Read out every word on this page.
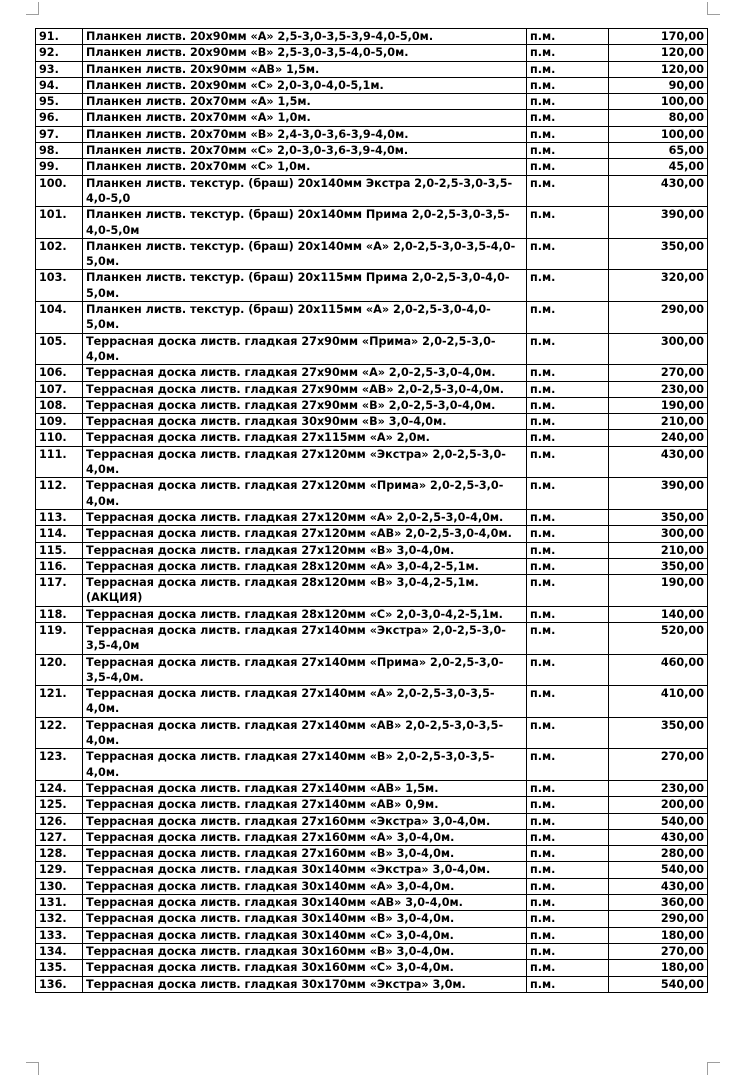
91.	Планкен листв. 20х90мм «А» 2,5-3,0-3,5-3,9-4,0-5,0м.	п.м.	170,00
92.	Планкен листв. 20х90мм «В» 2,5-3,0-3,5-4,0-5,0м.	п.м.	120,00
93.	Планкен листв. 20х90мм «АВ» 1,5м.	п.м.	120,00
94.	Планкен листв. 20х90мм «С» 2,0-3,0-4,0-5,1м.	п.м.	90,00
95.	Планкен листв. 20х70мм «А» 1,5м.	п.м.	100,00
96.	Планкен листв. 20х70мм «А» 1,0м.	п.м.	80,00
97.	Планкен листв. 20х70мм «В» 2,4-3,0-3,6-3,9-4,0м.	п.м.	100,00
98.	Планкен листв. 20х70мм «С» 2,0-3,0-3,6-3,9-4,0м.	п.м.	65,00
99.	Планкен листв. 20х70мм «С» 1,0м.	п.м.	45,00
100.	Планкен листв. текстур. (браш) 20х140мм Экстра 2,0-2,5-3,0-3,5-4,0-5,0	п.м.	430,00
101.	Планкен листв. текстур. (браш) 20х140мм Прима 2,0-2,5-3,0-3,5-4,0-5,0м	п.м.	390,00
102.	Планкен листв. текстур. (браш) 20х140мм «А» 2,0-2,5-3,0-3,5-4,0-5,0м.	п.м.	350,00
103.	Планкен листв. текстур. (браш) 20х115мм Прима 2,0-2,5-3,0-4,0-5,0м.	п.м.	320,00
104.	Планкен листв. текстур. (браш) 20х115мм «А» 2,0-2,5-3,0-4,0-5,0м.	п.м.	290,00
105.	Террасная доска листв. гладкая 27х90мм «Прима» 2,0-2,5-3,0-4,0м.	п.м.	300,00
106.	Террасная доска листв. гладкая 27х90мм «А» 2,0-2,5-3,0-4,0м.	п.м.	270,00
107.	Террасная доска листв. гладкая 27х90мм «АВ» 2,0-2,5-3,0-4,0м.	п.м.	230,00
108.	Террасная доска листв. гладкая 27х90мм «В» 2,0-2,5-3,0-4,0м.	п.м.	190,00
109.	Террасная доска листв. гладкая 30х90мм «В» 3,0-4,0м.	п.м.	210,00
110.	Террасная доска листв. гладкая 27х115мм «А» 2,0м.	п.м.	240,00
111.	Террасная доска листв. гладкая 27х120мм «Экстра» 2,0-2,5-3,0-4,0м.	п.м.	430,00
112.	Террасная доска листв. гладкая 27х120мм «Прима» 2,0-2,5-3,0-4,0м.	п.м.	390,00
113.	Террасная доска листв. гладкая 27х120мм «А» 2,0-2,5-3,0-4,0м.	п.м.	350,00
114.	Террасная доска листв. гладкая 27х120мм «АВ» 2,0-2,5-3,0-4,0м.	п.м.	300,00
115.	Террасная доска листв. гладкая 27х120мм «В» 3,0-4,0м.	п.м.	210,00
116.	Террасная доска листв. гладкая 28х120мм «А» 3,0-4,2-5,1м.	п.м.	350,00
117.	Террасная доска листв. гладкая 28х120мм «В» 3,0-4,2-5,1м. (АКЦИЯ)	п.м.	190,00
118.	Террасная доска листв. гладкая 28х120мм «С» 2,0-3,0-4,2-5,1м.	п.м.	140,00
119.	Террасная доска листв. гладкая 27х140мм «Экстра» 2,0-2,5-3,0-3,5-4,0м	п.м.	520,00
120.	Террасная доска листв. гладкая 27х140мм «Прима» 2,0-2,5-3,0-3,5-4,0м.	п.м.	460,00
121.	Террасная доска листв. гладкая 27х140мм «А» 2,0-2,5-3,0-3,5-4,0м.	п.м.	410,00
122.	Террасная доска листв. гладкая 27х140мм «АВ» 2,0-2,5-3,0-3,5-4,0м.	п.м.	350,00
123.	Террасная доска листв. гладкая 27х140мм «В» 2,0-2,5-3,0-3,5-4,0м.	п.м.	270,00
124.	Террасная доска листв. гладкая 27х140мм «АВ» 1,5м.	п.м.	230,00
125.	Террасная доска листв. гладкая 27х140мм «АВ» 0,9м.	п.м.	200,00
126.	Террасная доска листв. гладкая 27х160мм «Экстра» 3,0-4,0м.	п.м.	540,00
127.	Террасная доска листв. гладкая 27х160мм «А» 3,0-4,0м.	п.м.	430,00
128.	Террасная доска листв. гладкая 27х160мм «В» 3,0-4,0м.	п.м.	280,00
129.	Террасная доска листв. гладкая 30х140мм «Экстра» 3,0-4,0м.	п.м.	540,00
130.	Террасная доска листв. гладкая 30х140мм «А» 3,0-4,0м.	п.м.	430,00
131.	Террасная доска листв. гладкая 30х140мм «АВ» 3,0-4,0м.	п.м.	360,00
132.	Террасная доска листв. гладкая 30х140мм «В» 3,0-4,0м.	п.м.	290,00
133.	Террасная доска листв. гладкая 30х140мм «С» 3,0-4,0м.	п.м.	180,00
134.	Террасная доска листв. гладкая 30х160мм «В» 3,0-4,0м.	п.м.	270,00
135.	Террасная доска листв. гладкая 30х160мм «С» 3,0-4,0м.	п.м.	180,00
136.	Террасная доска листв. гладкая 30х170мм «Экстра» 3,0м.	п.м.	540,00
